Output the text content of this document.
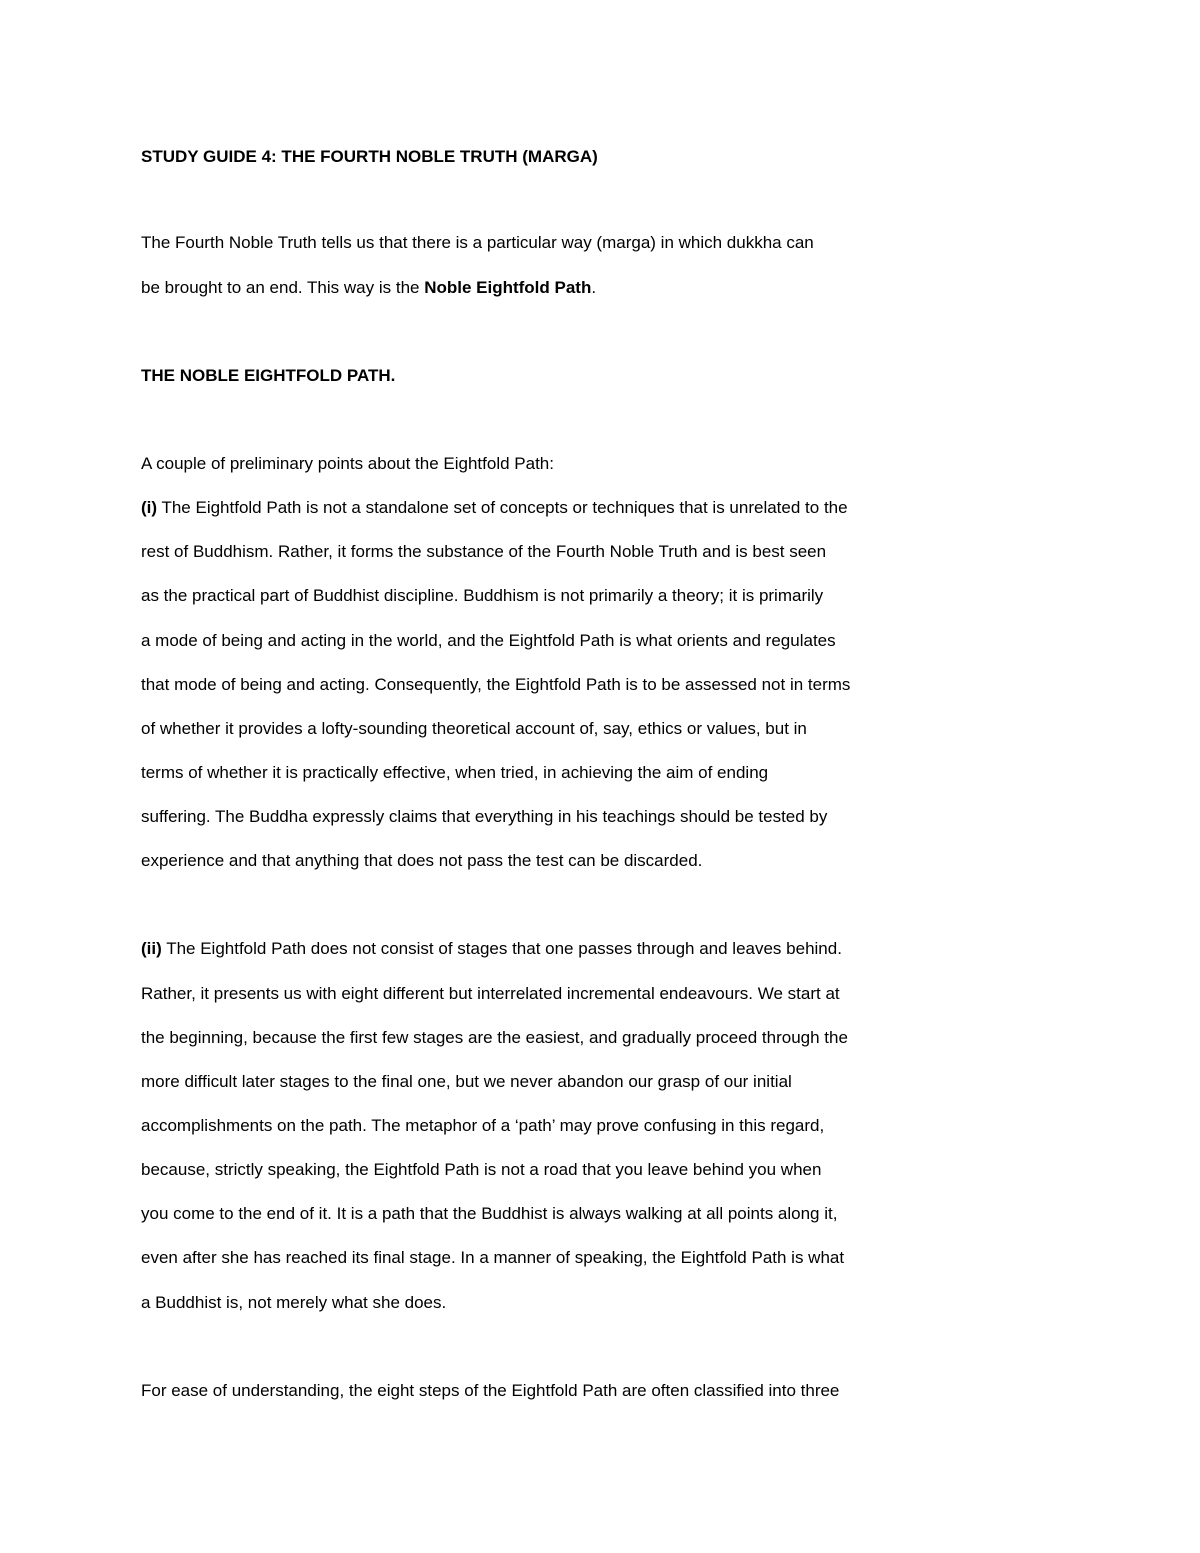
STUDY GUIDE 4: THE FOURTH NOBLE TRUTH (MARGA)
The Fourth Noble Truth tells us that there is a particular way (marga) in which dukkha can
be brought to an end. This way is the Noble Eightfold Path.
THE NOBLE EIGHTFOLD PATH.
A couple of preliminary points about the Eightfold Path:
(i) The Eightfold Path is not a standalone set of concepts or techniques that is unrelated to the
rest of Buddhism. Rather, it forms the substance of the Fourth Noble Truth and is best seen
as the practical part of Buddhist discipline. Buddhism is not primarily a theory; it is primarily
a mode of being and acting in the world, and the Eightfold Path is what orients and regulates
that mode of being and acting. Consequently, the Eightfold Path is to be assessed not in terms
of whether it provides a lofty-sounding theoretical account of, say, ethics or values, but in
terms of whether it is practically effective, when tried, in achieving the aim of ending
suffering. The Buddha expressly claims that everything in his teachings should be tested by
experience and that anything that does not pass the test can be discarded.
(ii) The Eightfold Path does not consist of stages that one passes through and leaves behind.
Rather, it presents us with eight different but interrelated incremental endeavours. We start at
the beginning, because the first few stages are the easiest, and gradually proceed through the
more difficult later stages to the final one, but we never abandon our grasp of our initial
accomplishments on the path. The metaphor of a ‘path’ may prove confusing in this regard,
because, strictly speaking, the Eightfold Path is not a road that you leave behind you when
you come to the end of it. It is a path that the Buddhist is always walking at all points along it,
even after she has reached its final stage. In a manner of speaking, the Eightfold Path is what
a Buddhist is, not merely what she does.
For ease of understanding, the eight steps of the Eightfold Path are often classified into three
